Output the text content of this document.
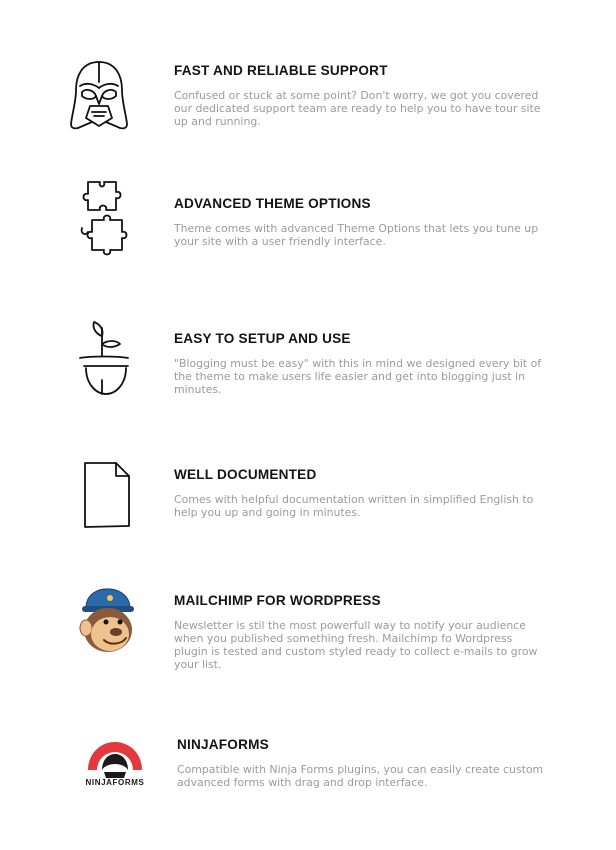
FAST AND RELIABLE SUPPORT

Confused or stuck at some point? Don't worry, we got you covered our dedicated support team are ready to help you to have tour site up and running.

ADVANCED THEME OPTIONS

Theme comes with advanced Theme Options that lets you tune up your site with a user friendly interface.

EASY TO SETUP AND USE

"Blogging must be easy" with this in mind we designed every bit of the theme to make users life easier and get into blogging just in minutes.

WELL DOCUMENTED

Comes with helpful documentation written in simplified English to help you up and going in minutes.

MAILCHIMP FOR WORDPRESS

Newsletter is stil the most powerfull way to notify your audience when you published something fresh. Mailchimp fo Wordpress plugin is tested and custom styled ready to collect e-mails to grow your list.

NINJAFORMS
NINJAFORMS

Compatible with Ninja Forms plugins, you can easily create custom advanced forms with drag and drop interface.
